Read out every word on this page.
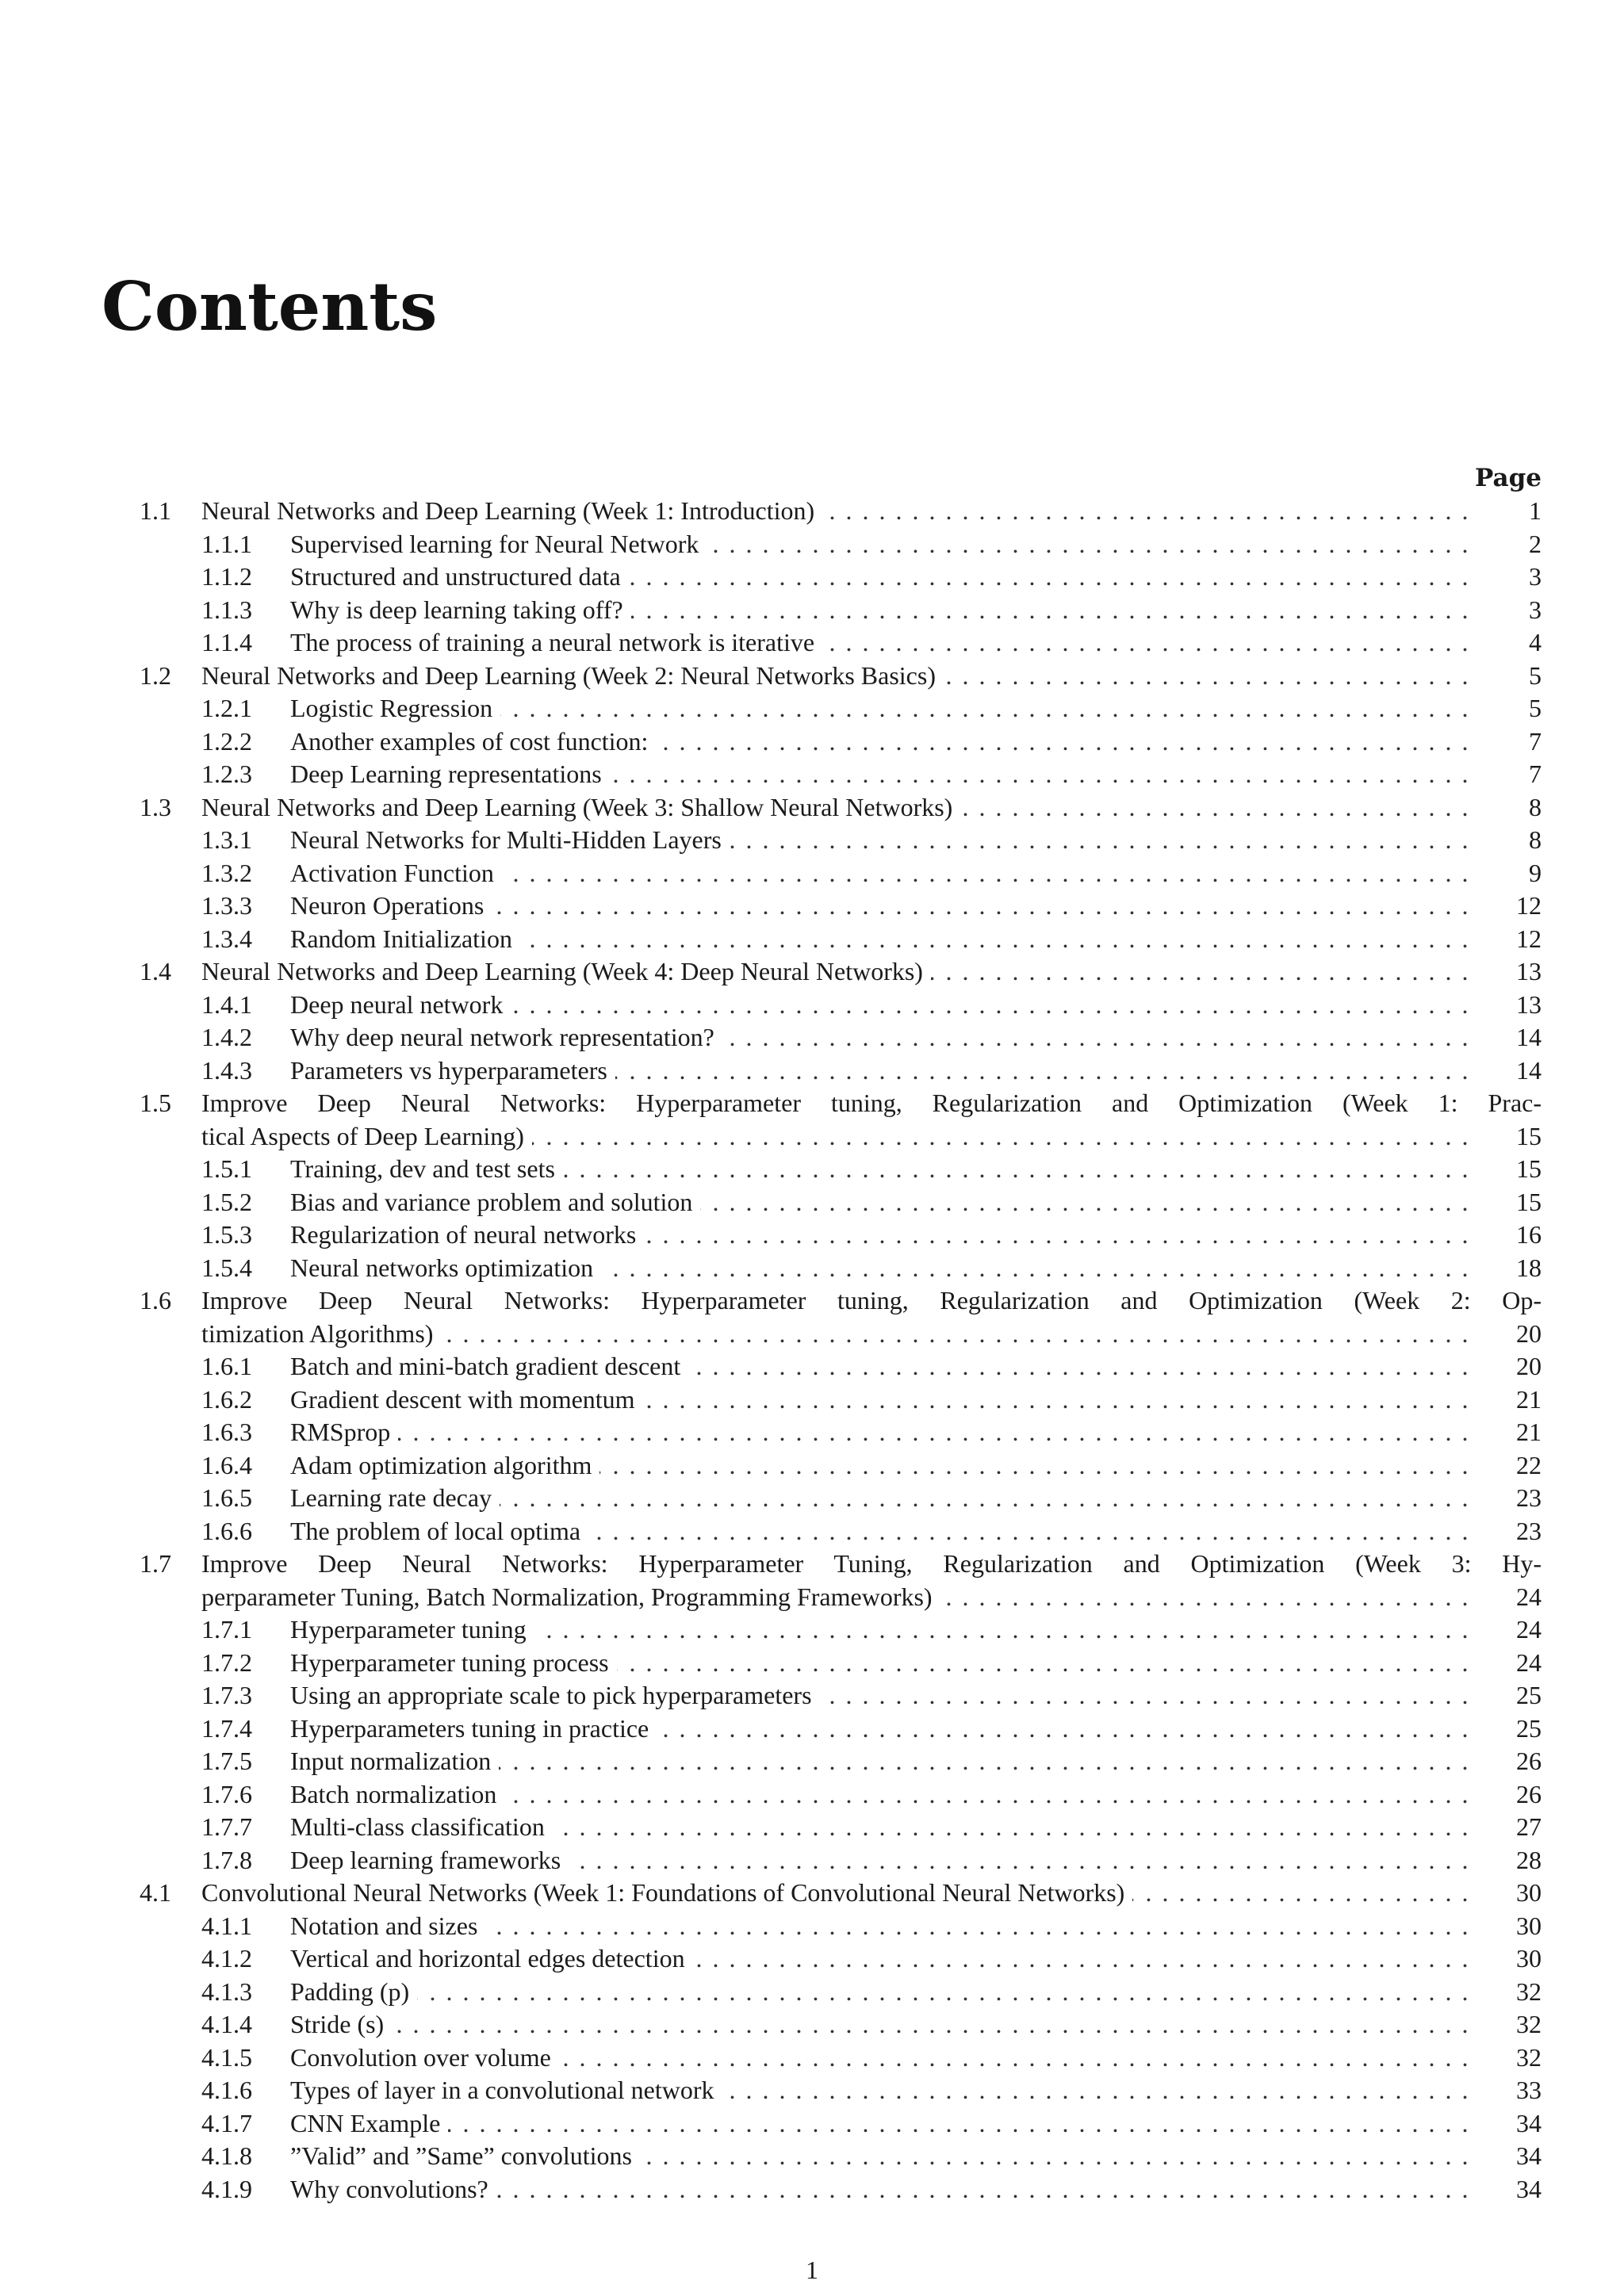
Contents
Page
1.1 Neural Networks and Deep Learning (Week 1: Introduction) . . .	1
1.1.1 Supervised learning for Neural Network . . .	2
1.1.2 Structured and unstructured data . . .	3
1.1.3 Why is deep learning taking off? . . .	3
1.1.4 The process of training a neural network is iterative . . .	4
1.2 Neural Networks and Deep Learning (Week 2: Neural Networks Basics) . . .	5
1.2.1 Logistic Regression . . .	5
1.2.2 Another examples of cost function: . . .	7
1.2.3 Deep Learning representations . . .	7
1.3 Neural Networks and Deep Learning (Week 3: Shallow Neural Networks) . . .	8
1.3.1 Neural Networks for Multi-Hidden Layers . . .	8
1.3.2 Activation Function . . .	9
1.3.3 Neuron Operations . . .	12
1.3.4 Random Initialization . . .	12
1.4 Neural Networks and Deep Learning (Week 4: Deep Neural Networks) . . .	13
1.4.1 Deep neural network . . .	13
1.4.2 Why deep neural network representation? . . .	14
1.4.3 Parameters vs hyperparameters . . .	14
1.5 Improve Deep Neural Networks: Hyperparameter tuning, Regularization and Optimization (Week 1: Prac-
tical Aspects of Deep Learning) . . .	15
1.5.1 Training, dev and test sets . . .	15
1.5.2 Bias and variance problem and solution . . .	15
1.5.3 Regularization of neural networks . . .	16
1.5.4 Neural networks optimization . . .	18
1.6 Improve Deep Neural Networks: Hyperparameter tuning, Regularization and Optimization (Week 2: Op-
timization Algorithms) . . .	20
1.6.1 Batch and mini-batch gradient descent . . .	20
1.6.2 Gradient descent with momentum . . .	21
1.6.3 RMSprop . . .	21
1.6.4 Adam optimization algorithm . . .	22
1.6.5 Learning rate decay . . .	23
1.6.6 The problem of local optima . . .	23
1.7 Improve Deep Neural Networks: Hyperparameter Tuning, Regularization and Optimization (Week 3: Hy-
perparameter Tuning, Batch Normalization, Programming Frameworks) . . .	24
1.7.1 Hyperparameter tuning . . .	24
1.7.2 Hyperparameter tuning process . . .	24
1.7.3 Using an appropriate scale to pick hyperparameters . . .	25
1.7.4 Hyperparameters tuning in practice . . .	25
1.7.5 Input normalization . . .	26
1.7.6 Batch normalization . . .	26
1.7.7 Multi-class classification . . .	27
1.7.8 Deep learning frameworks . . .	28
4.1 Convolutional Neural Networks (Week 1: Foundations of Convolutional Neural Networks) . . .	30
4.1.1 Notation and sizes . . .	30
4.1.2 Vertical and horizontal edges detection . . .	30
4.1.3 Padding (p) . . .	32
4.1.4 Stride (s) . . .	32
4.1.5 Convolution over volume . . .	32
4.1.6 Types of layer in a convolutional network . . .	33
4.1.7 CNN Example . . .	34
4.1.8 ”Valid” and ”Same” convolutions . . .	34
4.1.9 Why convolutions? . . .	34
1
